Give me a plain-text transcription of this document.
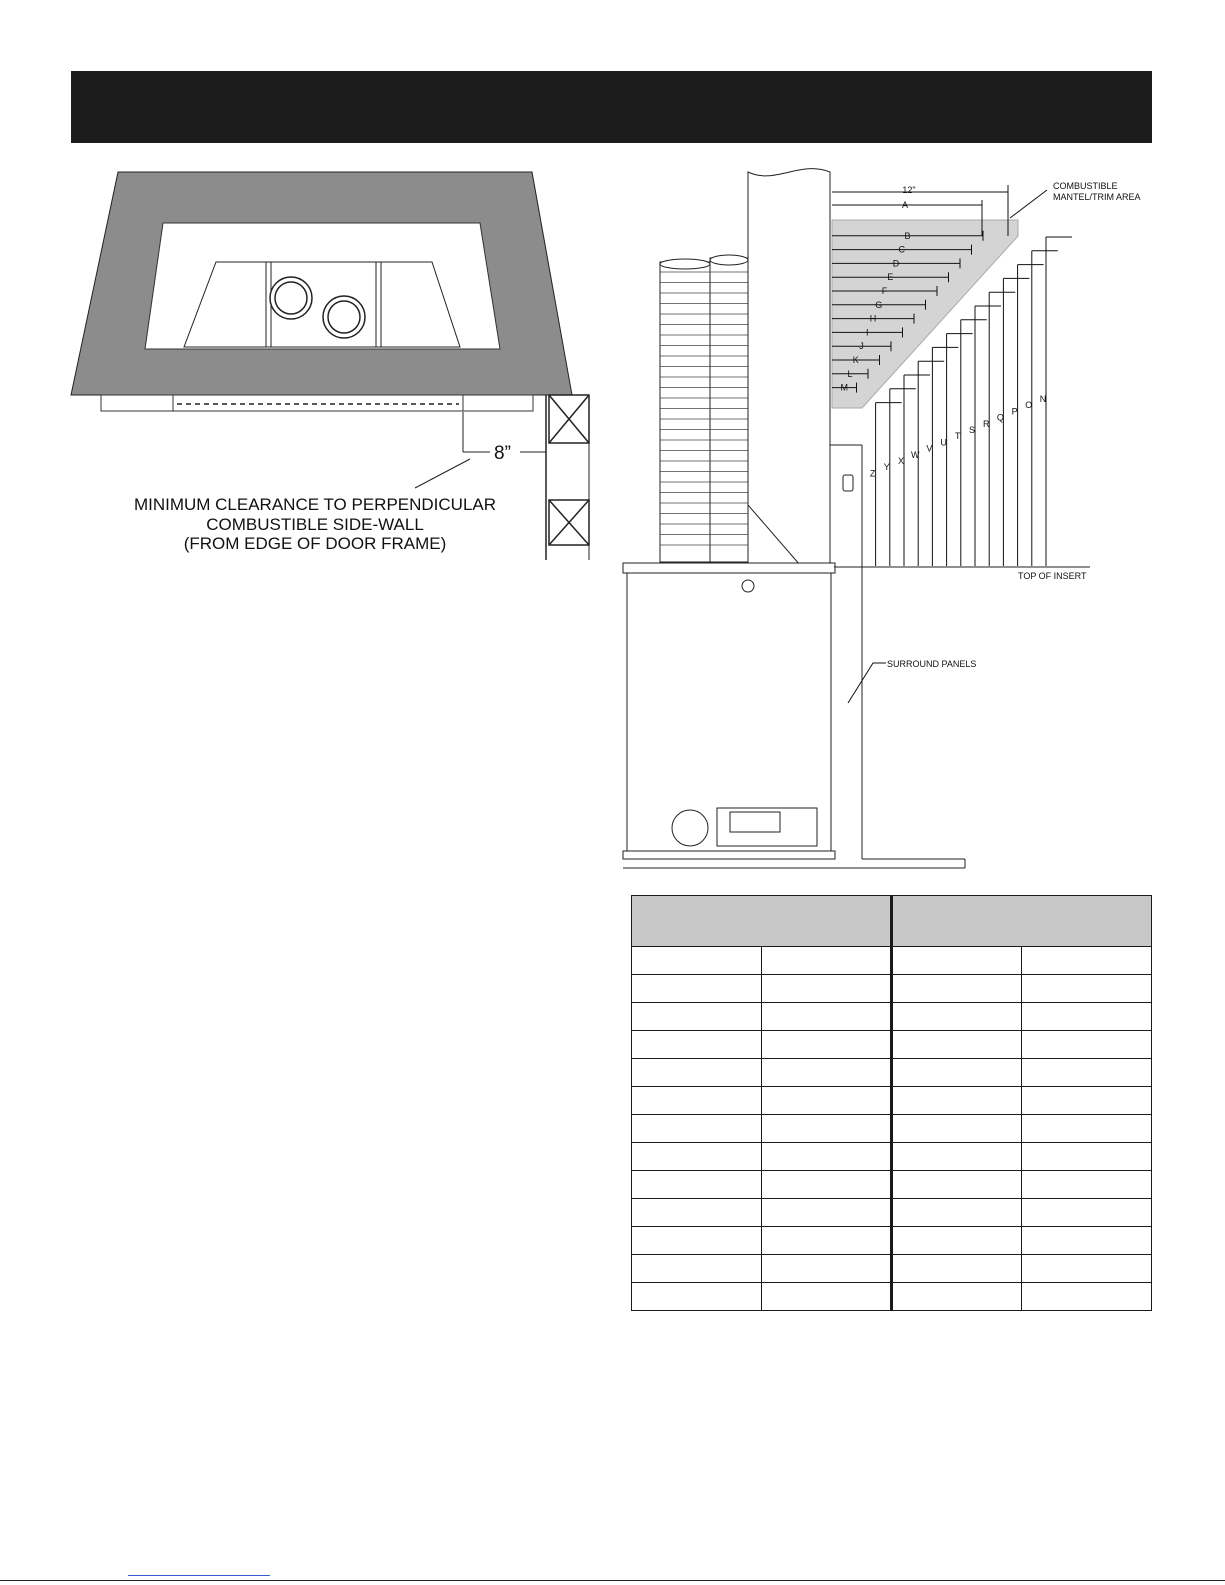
8”
MINIMUM CLEARANCE TO PERPENDICULAR
COMBUSTIBLE SIDE-WALL
(FROM EDGE OF DOOR FRAME)
12"	COMBUSTIBLE
MANTEL/TRIM AREA
TOP OF INSERT
SURROUND PANELS
A
B
C
D
E
F
G
H
I
J
K
L
M
N
O
P
Q
R
S
T
U
V
W
X
Y
Z
